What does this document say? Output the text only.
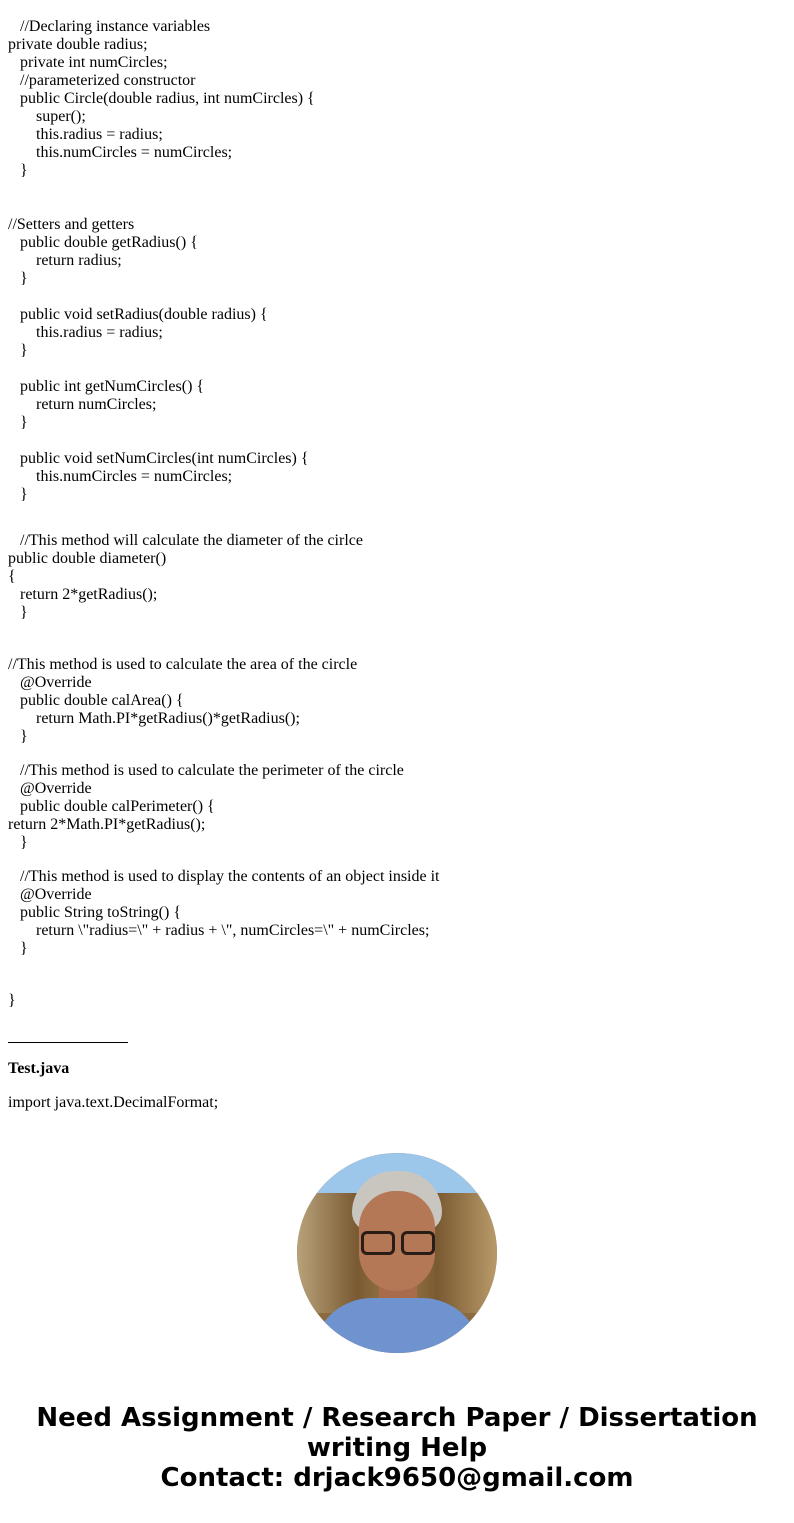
//Declaring instance variables
private double radius;
private int numCircles;
//parameterized constructor
public Circle(double radius, int numCircles) {
super();
this.radius = radius;
this.numCircles = numCircles;
}
//Setters and getters
public double getRadius() {
return radius;
}
public void setRadius(double radius) {
this.radius = radius;
}
public int getNumCircles() {
return numCircles;
}
public void setNumCircles(int numCircles) {
this.numCircles = numCircles;
}
//This method will calculate the diameter of the cirlce
public double diameter()
{
return 2*getRadius();
}
//This method is used to calculate the area of the circle
@Override
public double calArea() {
return Math.PI*getRadius()*getRadius();
}
//This method is used to calculate the perimeter of the circle
@Override
public double calPerimeter() {
return 2*Math.PI*getRadius();
}
//This method is used to display the contents of an object inside it
@Override
public String toString() {
return \"radius=\" + radius + \", numCircles=\" + numCircles;
}
}
Test.java
import java.text.DecimalFormat;
Need Assignment / Research Paper / Dissertation
writing Help
Contact: drjack9650@gmail.com
